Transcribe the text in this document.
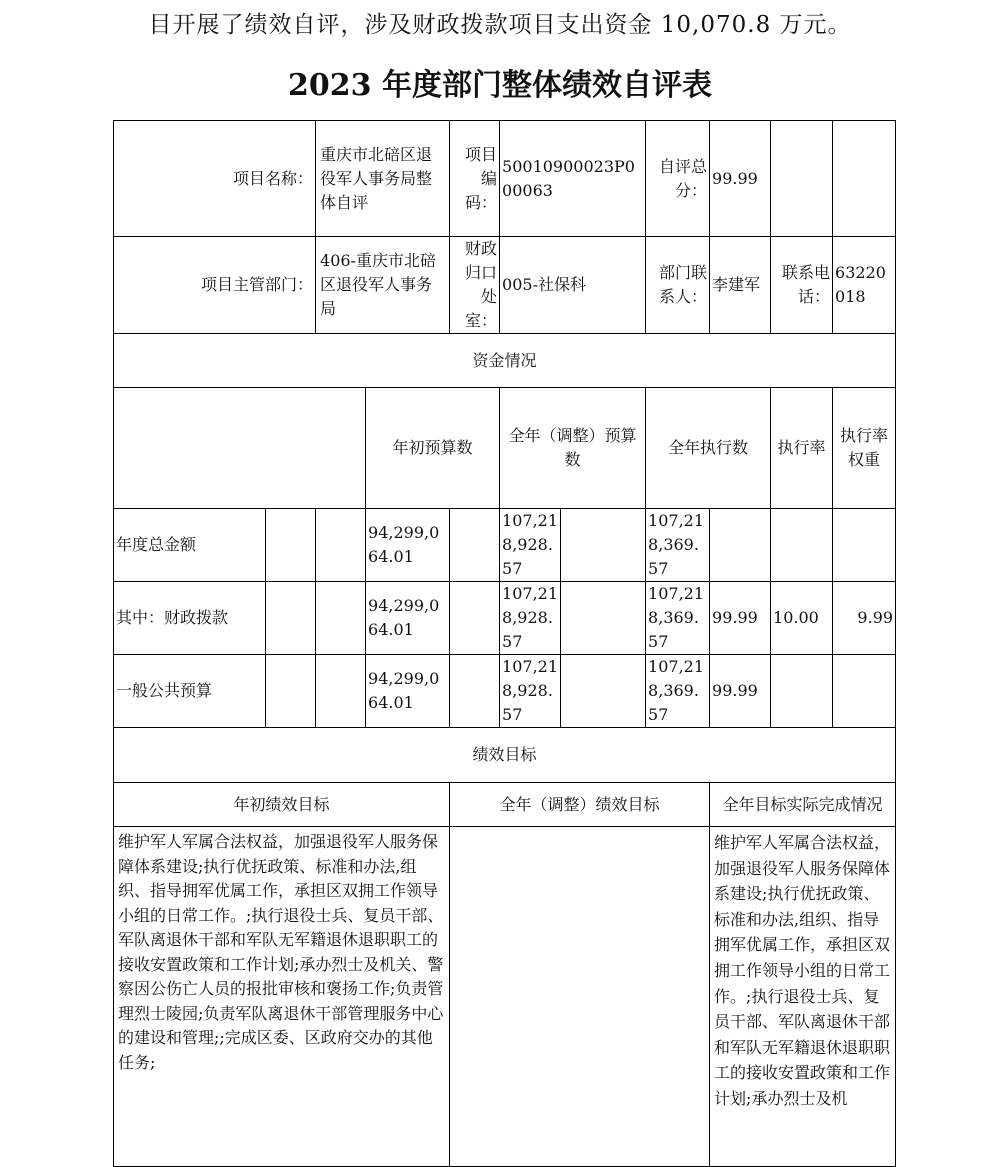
目开展了绩效自评，涉及财政拨款项目支出资金 10,070.8 万元。
2023 年度部门整体绩效自评表
项目名称：		重庆市北碚区退役军人事务局整体自评		项目编码：	50010900023P000063		自评总分：	99.99			
项目主管部门：		406-重庆市北碚区退役军人事务局		财政归口处室：	005-社保科		部门联系人：	李建军	联系电话：	63220018	
资金情况											
			年初预算数		全年（调整）预算数		全年执行数		执行率	执行率权重	
年度总金额			94,299,064.01		107,218,928.57		107,218,369.57				
其中：财政拨款			94,299,064.01		107,218,928.57		107,218,369.57	99.99	10.00	9.99	
一般公共预算			94,299,064.01		107,218,928.57		107,218,369.57	99.99			
绩效目标											
年初绩效目标				全年（调整）绩效目标				全年目标实际完成情况			
维护军人军属合法权益，加强退役军人服务保障体系建设;执行优抚政策、标准和办法,组织、指导拥军优属工作，承担区双拥工作领导小组的日常工作。;执行退役士兵、复员干部、军队离退休干部和军队无军籍退休退职职工的接收安置政策和工作计划;承办烈士及机关、警察因公伤亡人员的报批审核和褒扬工作;负责管理烈士陵园;负责军队离退休干部管理服务中心的建设和管理;;完成区委、区政府交办的其他任务;								维护军人军属合法权益，加强退役军人服务保障体系建设;执行优抚政策、标准和办法,组织、指导拥军优属工作，承担区双拥工作领导小组的日常工作。;执行退役士兵、复员干部、军队离退休干部和军队无军籍退休退职职工的接收安置政策和工作计划;承办烈士及机			
